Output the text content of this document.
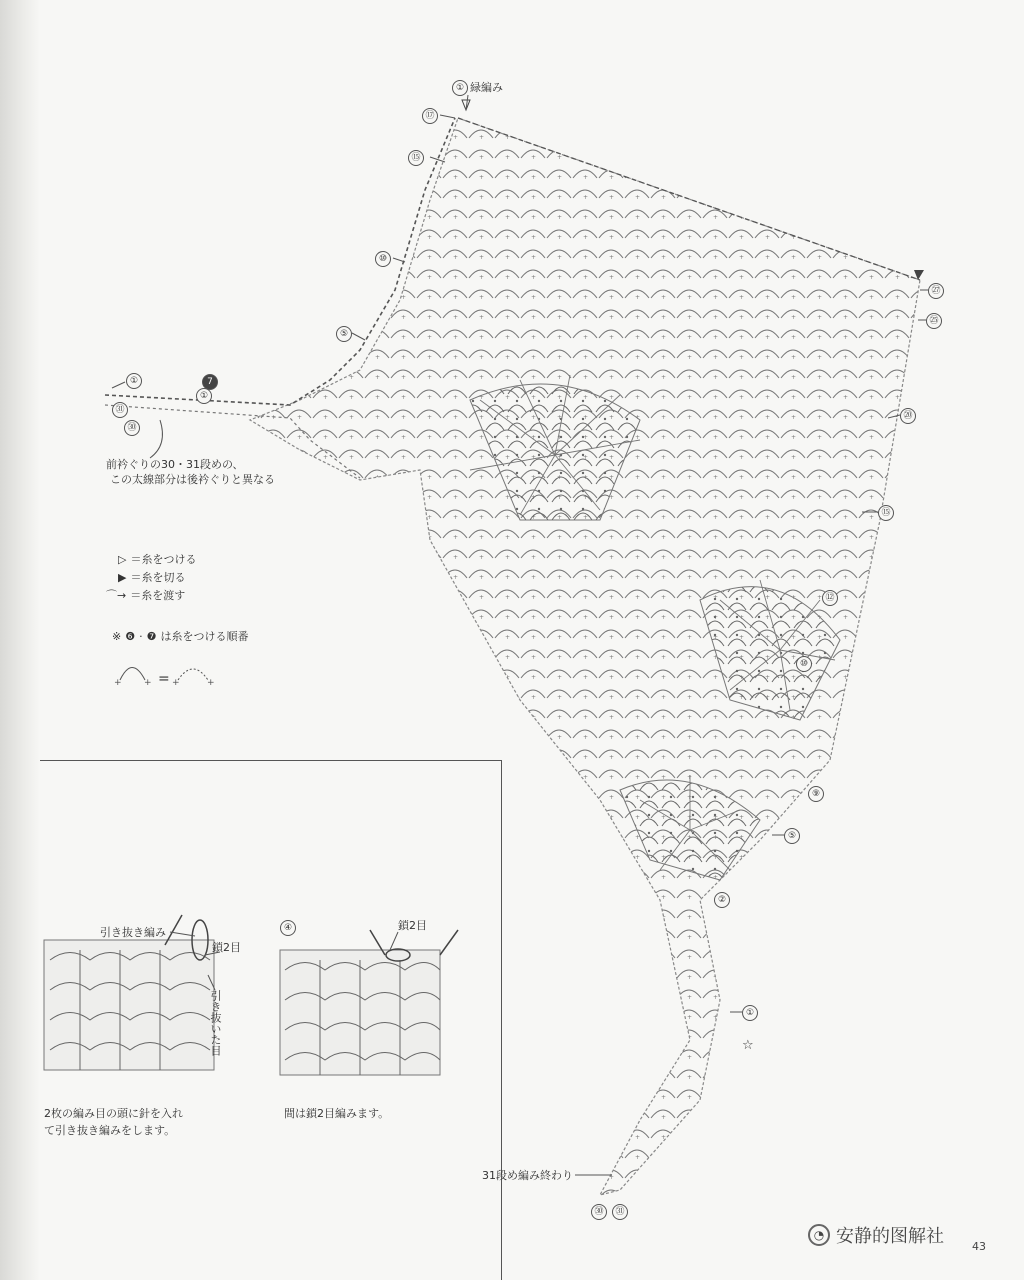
+ + +	+
① 緑編み
⑰
⑮
⑩
⑤
㉗
㉕
⑳
⑮
⑫
⑩
⑨
⑤
②
①
☆
①	7
①
㉛
㉚
前衿ぐりの30・31段めの、
この太線部分は後衿ぐりと異なる
▷ ＝糸をつける
▶ ＝糸を切る
⌒→ ＝糸を渡す
※ ❻ · ❼ は糸をつける順番
=
引き抜き編み
鎖2目
引き抜いた目
④	鎖2目
2枚の編み目の頭に針を入れ
て引き抜き編みをします。
間は鎖2目編みます。
31段め編み終わり
㉚	㉛
◔ 安静的图解社	43
